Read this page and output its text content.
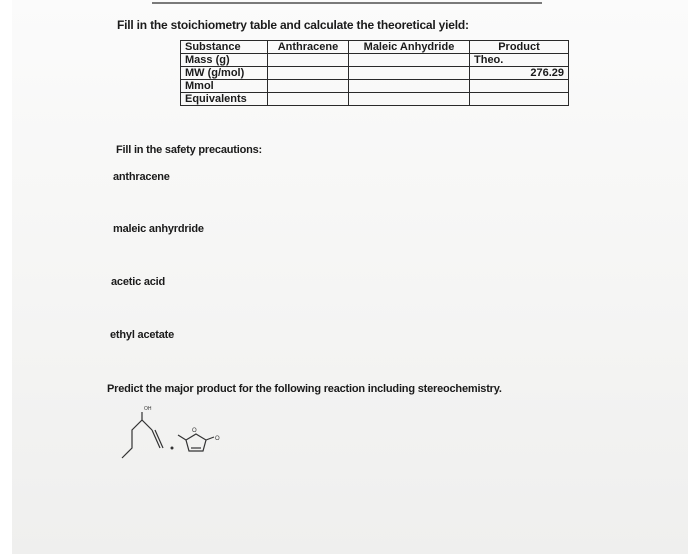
Fill in the stoichiometry table and calculate the theoretical yield:
Substance	Anthracene	Maleic Anhydride	Product
Mass (g)			Theo.
MW (g/mol)			276.29
Mmol			
Equivalents			
Fill in the safety precautions:
anthracene
maleic anhyrdride
acetic acid
ethyl acetate
Predict the major product for the following reaction including stereochemistry.
OH
O
O
